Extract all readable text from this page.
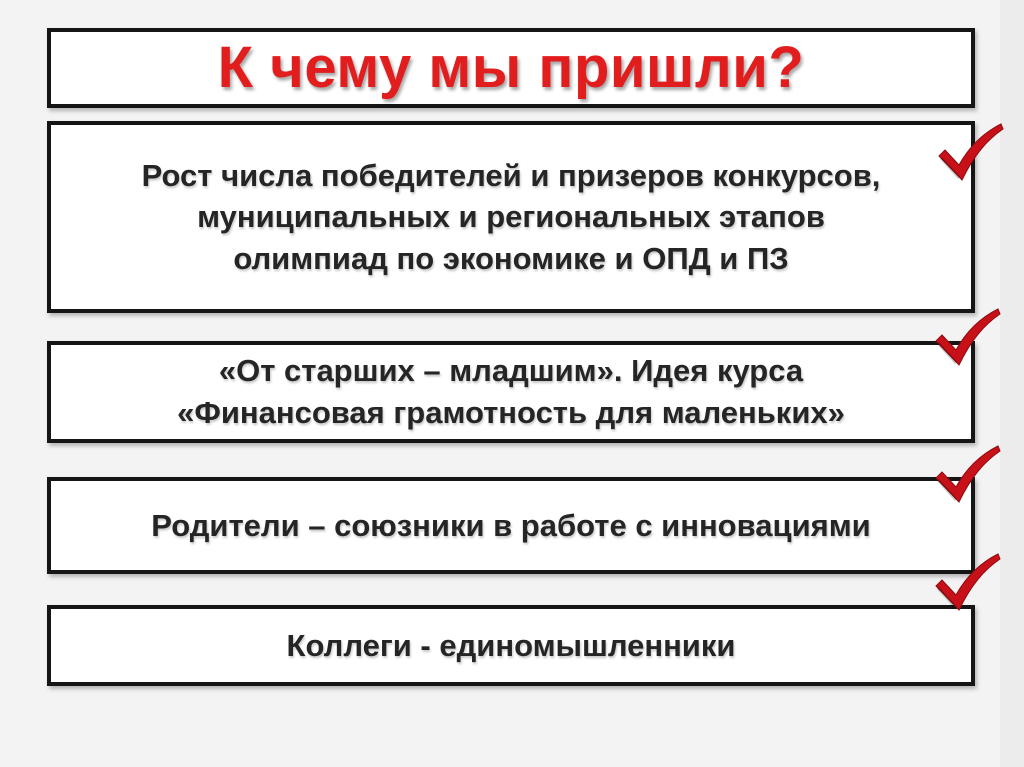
К чему мы пришли?
Рост числа победителей и призеров конкурсов,
муниципальных и региональных этапов
олимпиад по экономике и ОПД и ПЗ
«От старших – младшим». Идея курса
«Финансовая грамотность для маленьких»
Родители – союзники в работе с инновациями
Коллеги - единомышленники
